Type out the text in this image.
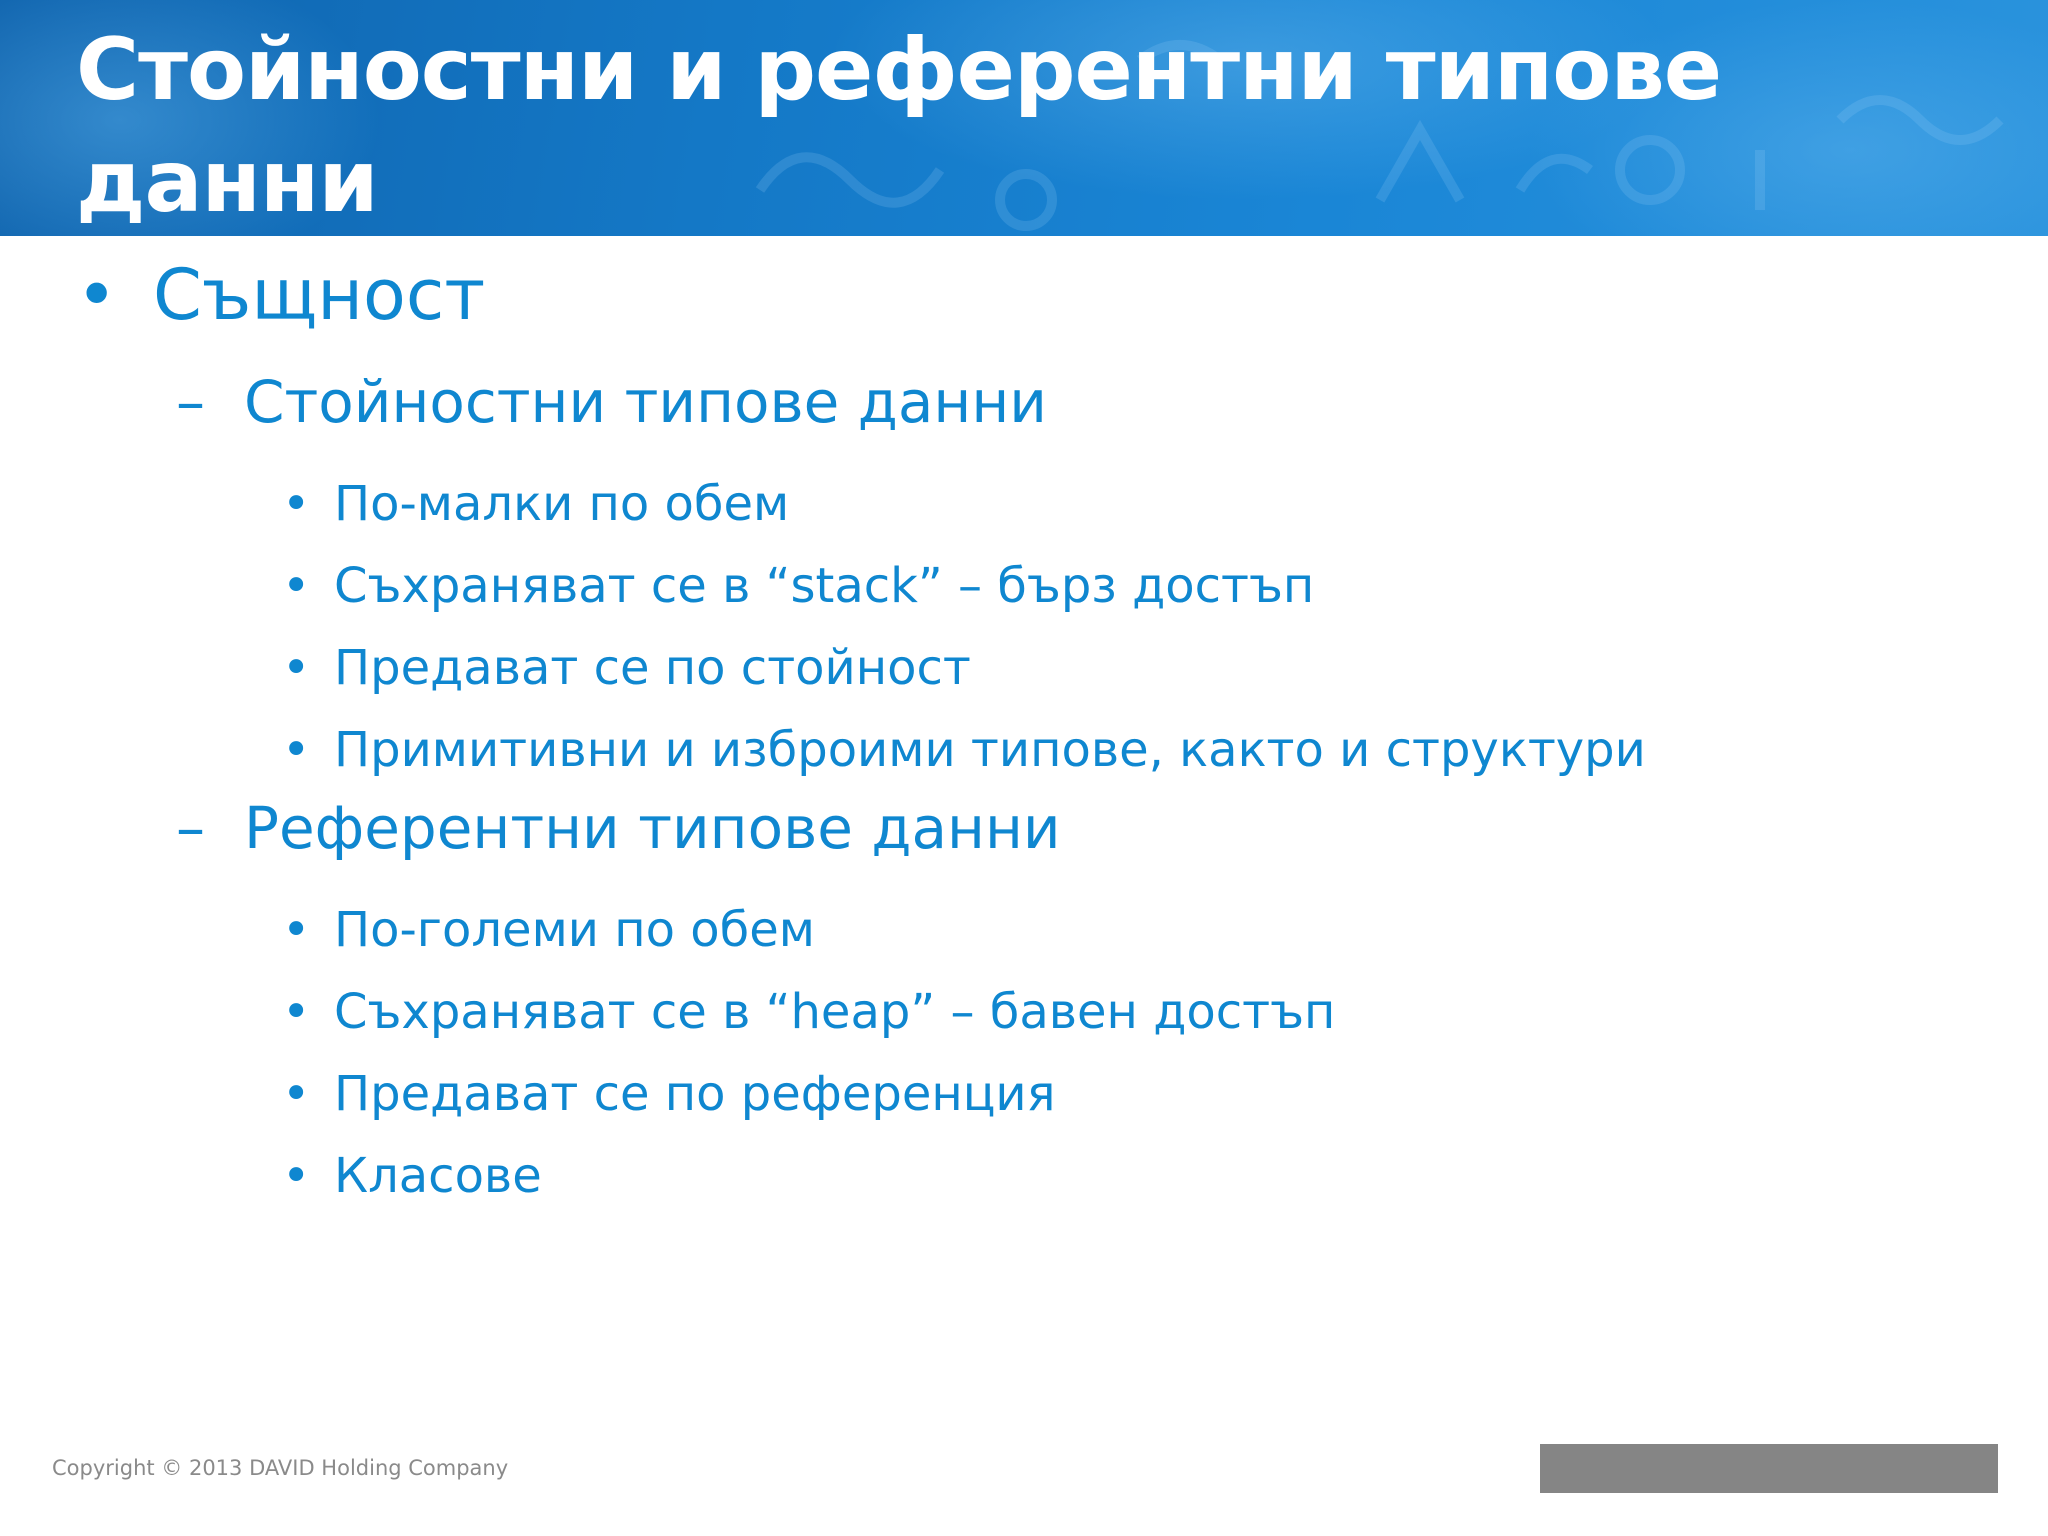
Стойностни и референтни типове данни
• Същност
– Стойностни типове данни
• По-малки по обем
• Съхраняват се в “stack” – бърз достъп
• Предават се по стойност
• Примитивни и изброими типове, както и структури
– Референтни типове данни
• По-големи по обем
• Съхраняват се в “heap” – бавен достъп
• Предават се по референция
• Класове
Copyright © 2013 DAVID Holding Company
